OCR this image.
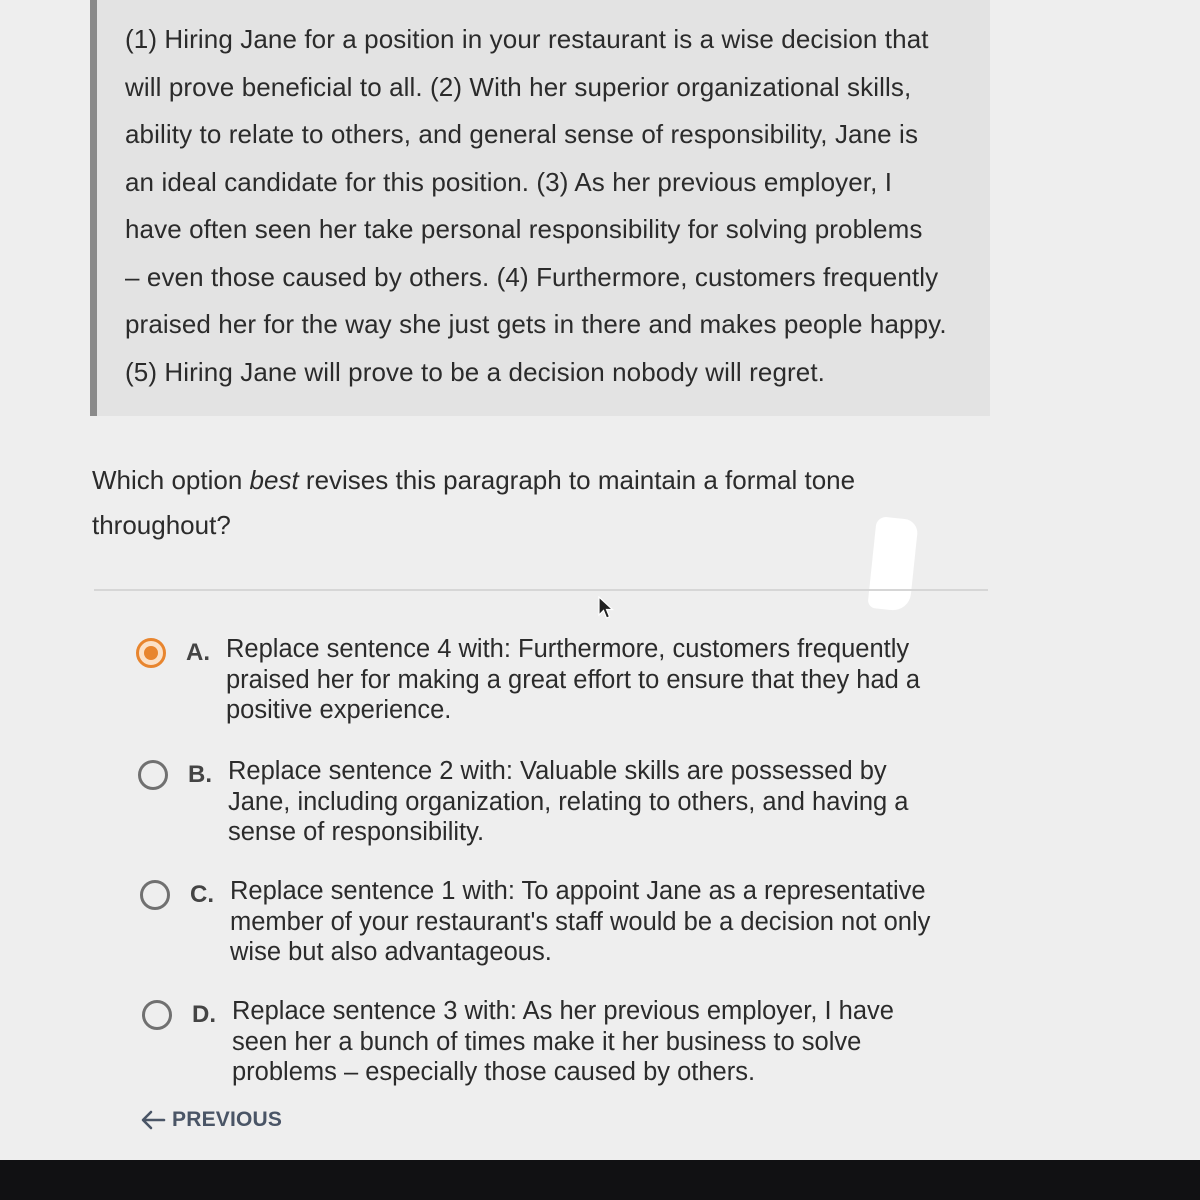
(1) Hiring Jane for a position in your restaurant is a wise decision that
will prove beneficial to all. (2) With her superior organizational skills,
ability to relate to others, and general sense of responsibility, Jane is
an ideal candidate for this position. (3) As her previous employer, I
have often seen her take personal responsibility for solving problems
– even those caused by others. (4) Furthermore, customers frequently
praised her for the way she just gets in there and makes people happy.
(5) Hiring Jane will prove to be a decision nobody will regret.
Which option best revises this paragraph to maintain a formal tone throughout?
A. Replace sentence 4 with: Furthermore, customers frequently praised her for making a great effort to ensure that they had a positive experience.
B. Replace sentence 2 with: Valuable skills are possessed by Jane, including organization, relating to others, and having a sense of responsibility.
C. Replace sentence 1 with: To appoint Jane as a representative member of your restaurant's staff would be a decision not only wise but also advantageous.
D. Replace sentence 3 with: As her previous employer, I have seen her a bunch of times make it her business to solve problems – especially those caused by others.
PREVIOUS
